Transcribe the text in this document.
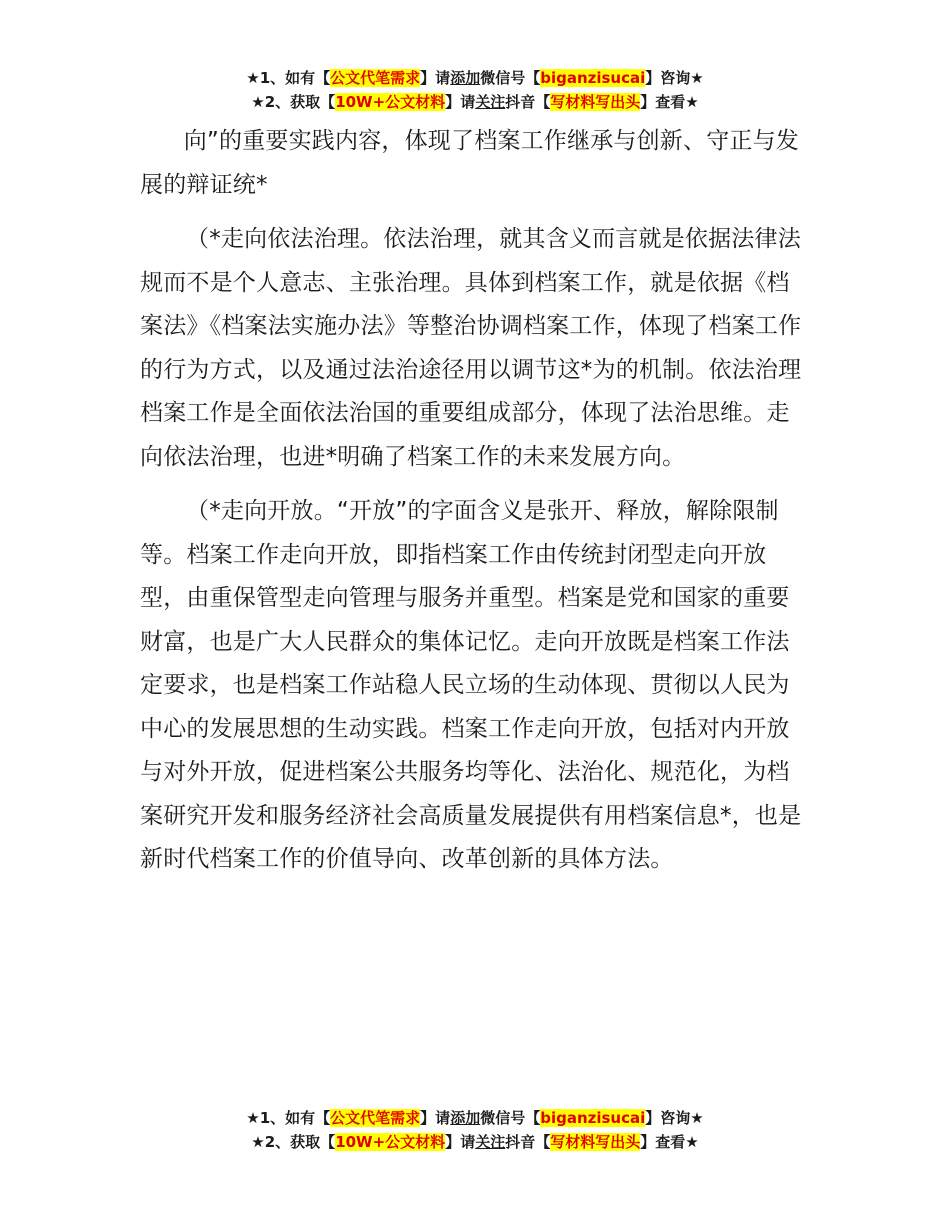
★1、如有【公文代笔需求】请添加微信号【biganzisucai】咨询★
★2、获取【10W+公文材料】请关注抖音【写材料写出头】查看★

向”的重要实践内容，体现了档案工作继承与创新、守正与发展的辩证统*

（*走向依法治理。依法治理，就其含义而言就是依据法律法规而不是个人意志、主张治理。具体到档案工作，就是依据《档案法》《档案法实施办法》等整治协调档案工作，体现了档案工作的行为方式，以及通过法治途径用以调节这*为的机制。依法治理档案工作是全面依法治国的重要组成部分，体现了法治思维。走向依法治理，也进*明确了档案工作的未来发展方向。

（*走向开放。“开放”的字面含义是张开、释放，解除限制等。档案工作走向开放，即指档案工作由传统封闭型走向开放型，由重保管型走向管理与服务并重型。档案是党和国家的重要财富，也是广大人民群众的集体记忆。走向开放既是档案工作法定要求，也是档案工作站稳人民立场的生动体现、贯彻以人民为中心的发展思想的生动实践。档案工作走向开放，包括对内开放与对外开放，促进档案公共服务均等化、法治化、规范化，为档案研究开发和服务经济社会高质量发展提供有用档案信息*，也是新时代档案工作的价值导向、改革创新的具体方法。

★1、如有【公文代笔需求】请添加微信号【biganzisucai】咨询★
★2、获取【10W+公文材料】请关注抖音【写材料写出头】查看★
